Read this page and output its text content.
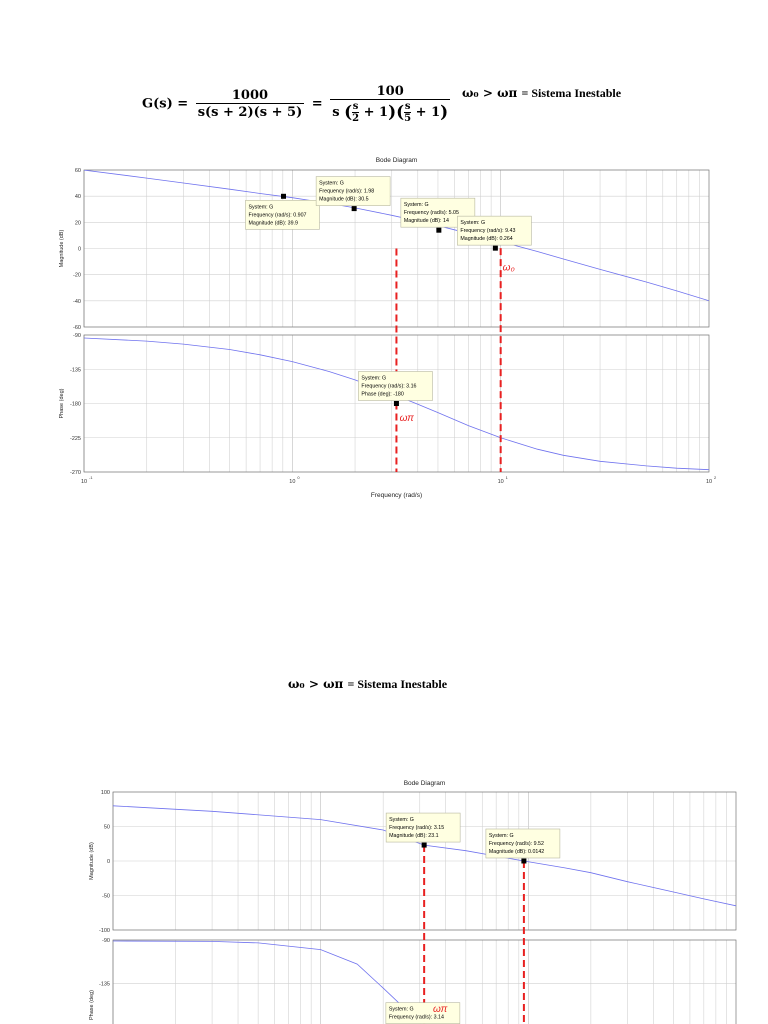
$G(s) = \frac{1000}{s(s + 2)(s + 5)} = \frac{100}{s ( \frac{s}{2} + 1)( \frac{s}{5} + 1)} \omega_0 > \omega\pi$ = Sistema Inestable
ω₀ > ωπ = Sistema Inestable
Bode Diagram
60
40
20
0
-20
-40
-60
Magnitude (dB)
-90
-135
-180
-225
-270
Phase (deg)
System: G
Frequency (rad/s): 0.907
Magnitude (dB): 39.9
System: G
Frequency (rad/s): 1.98
Magnitude (dB): 30.5
System: G
Frequency (rad/s): 5.05
Magnitude (dB): 14 System: G
Frequency (rad/s): 9.43
Magnitude (dB): 0.264
ω₀
System: G
Frequency (rad/s): 3.16
Phase (deg): -180
ωπ
10
-1
10
0
10
1
10
2
Frequency (rad/s)
Bode Diagram
100
50
0
-50
-100
Magnitude (dB)
-90
-135
Phase (deg)
System: G
Frequency (rad/s): 3.15
Magnitude (dB): 23.1	System: G
Frequency (rad/s): 9.52
Magnitude (dB): 0.0142
System: G
Frequency (rad/s): 3.14
ωπ
